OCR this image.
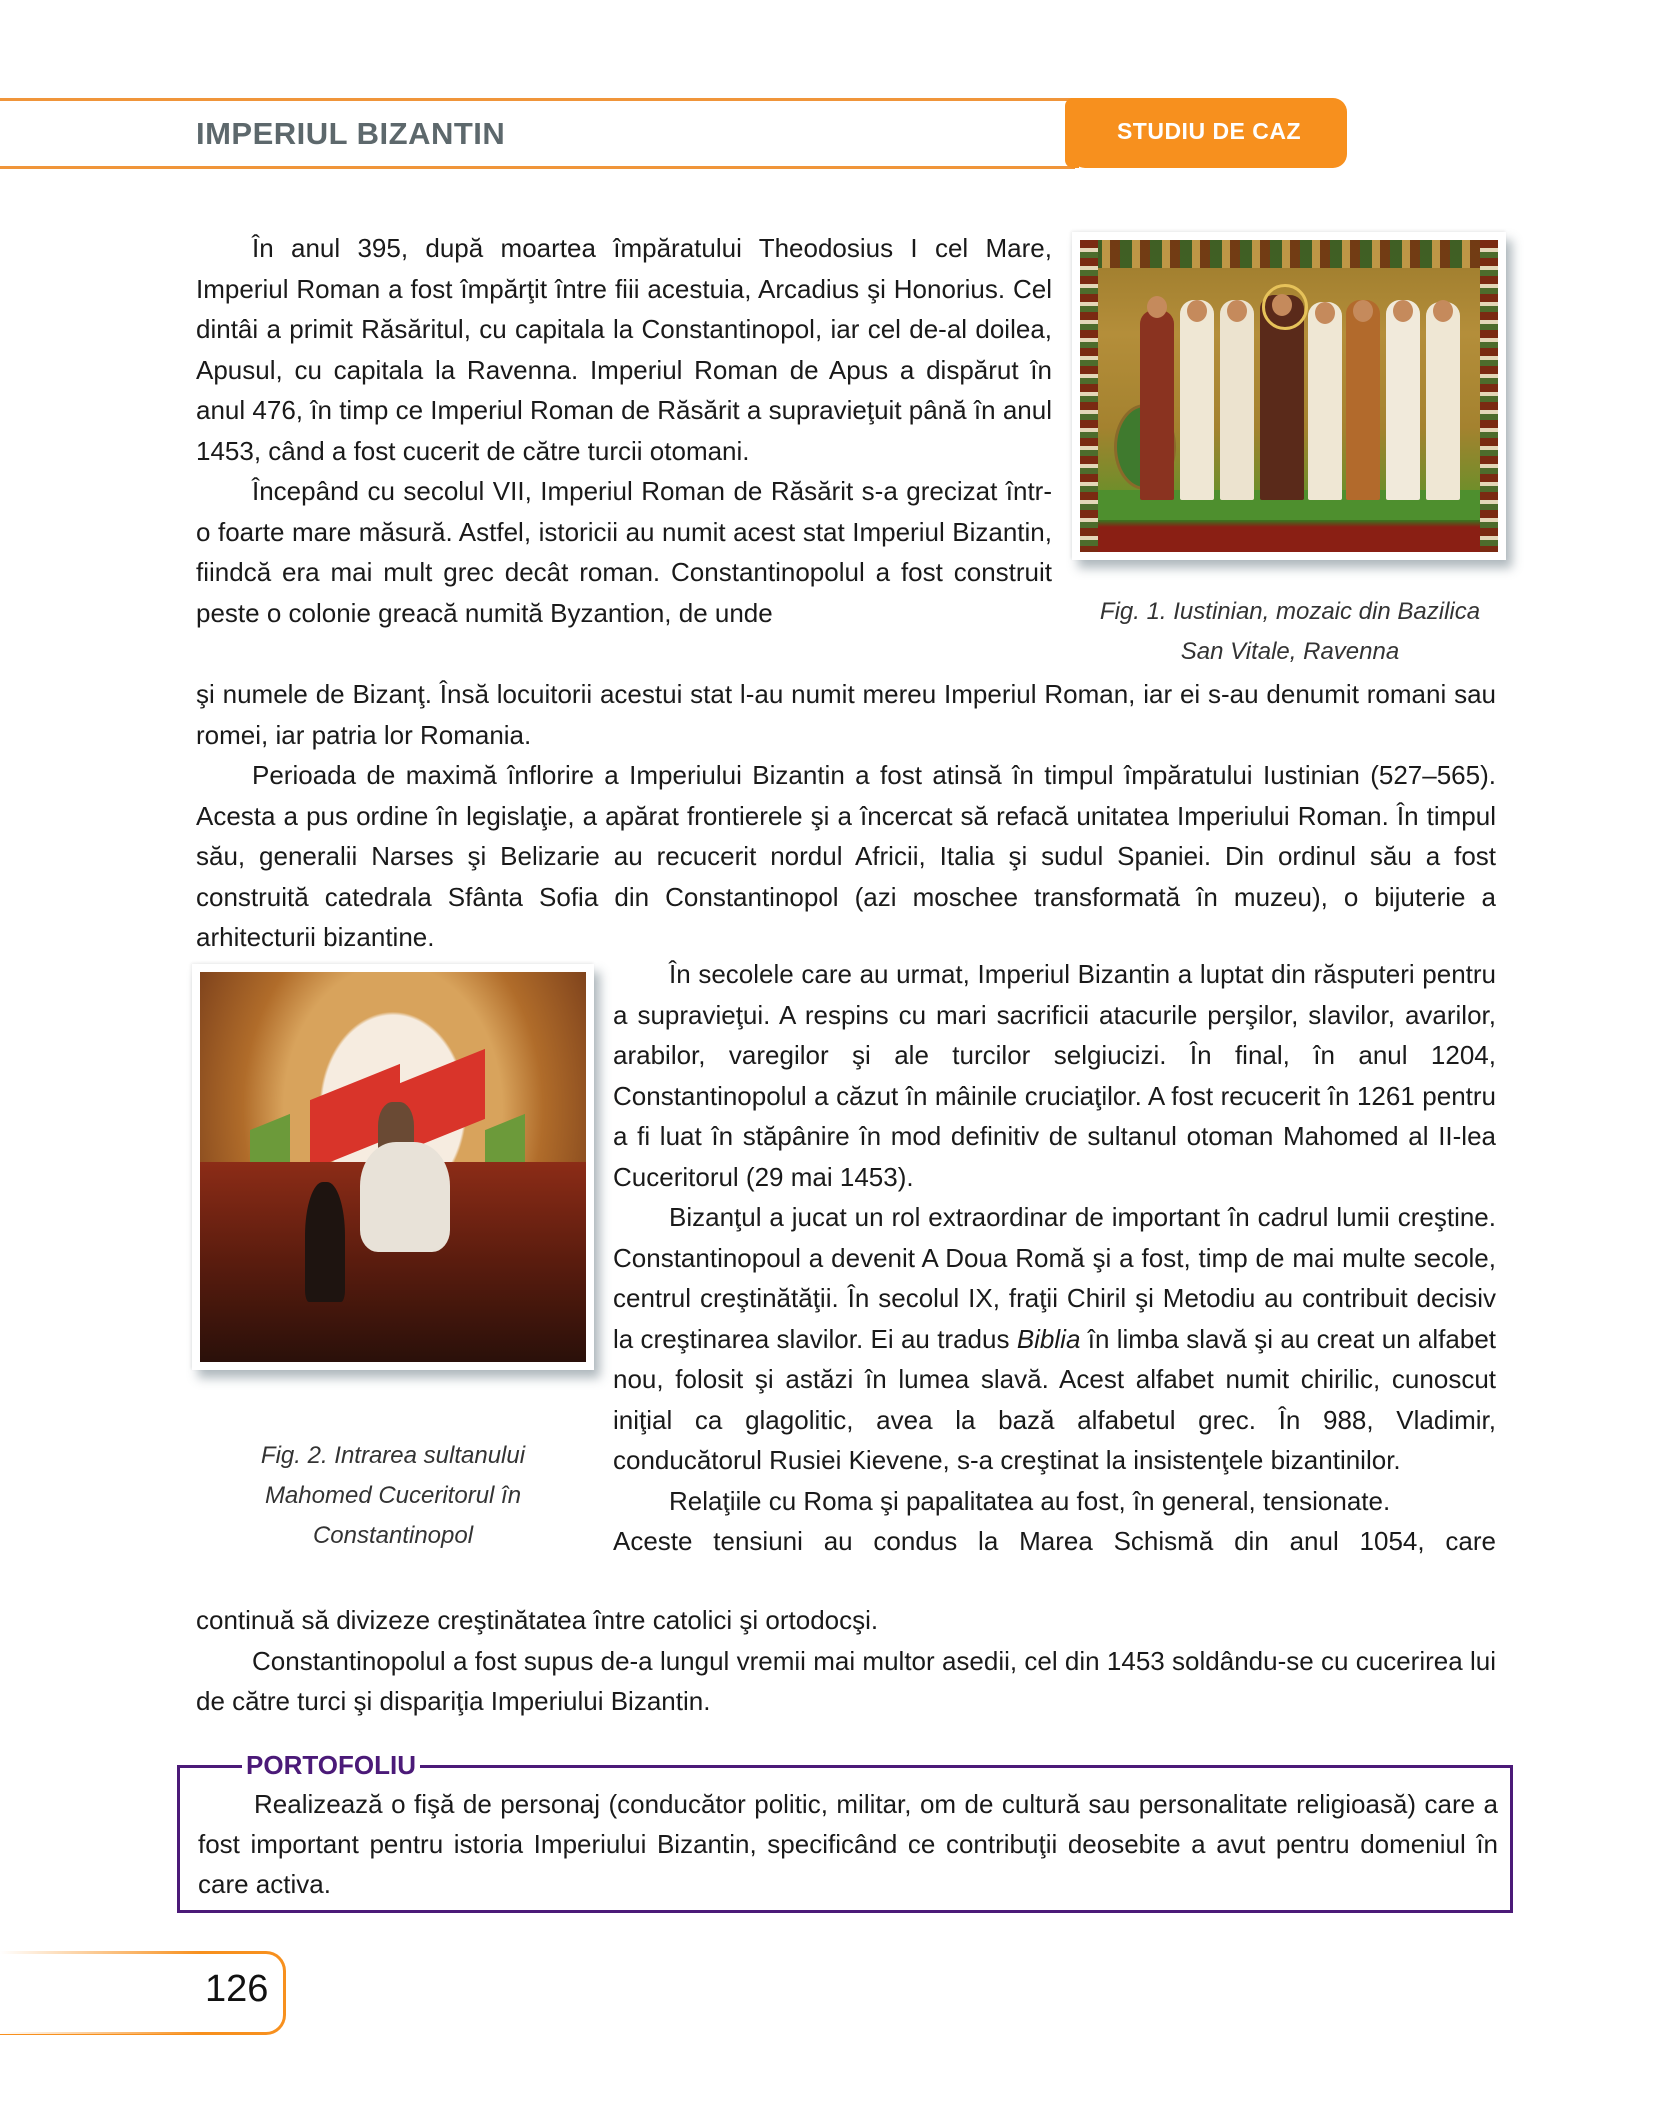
IMPERIUL BIZANTIN	STUDIU DE CAZ

În anul 395, după moartea împăratului Theodosius I cel Mare, Imperiul Roman a fost împărţit între fiii acestuia, Arcadius şi Honorius. Cel dintâi a primit Răsăritul, cu capitala la Constantinopol, iar cel de-al doilea, Apusul, cu capitala la Ravenna. Imperiul Roman de Apus a dispărut în anul 476, în timp ce Imperiul Roman de Răsărit a supravieţuit până în anul 1453, când a fost cucerit de către turcii otomani.

Începând cu secolul VII, Imperiul Roman de Răsărit s-a grecizat într-o foarte mare măsură. Astfel, istoricii au numit acest stat Imperiul Bizantin, fiindcă era mai mult grec decât roman. Constantinopolul a fost construit peste o colonie greacă numită Byzantion, de unde	Fig. 1. Iustinian, mozaic din Bazilica
San Vitale, Ravenna

şi numele de Bizanţ. Însă locuitorii acestui stat l-au numit mereu Imperiul Roman, iar ei s-au denumit romani sau romei, iar patria lor Romania.

Perioada de maximă înflorire a Imperiului Bizantin a fost atinsă în timpul împăratului Iustinian (527–565). Acesta a pus ordine în legislaţie, a apărat frontierele şi a încercat să refacă unitatea Imperiului Roman. În timpul său, generalii Narses şi Belizarie au recucerit nordul Africii, Italia şi sudul Spaniei. Din ordinul său a fost construită catedrala Sfânta Sofia din Constantinopol (azi moschee transformată în muzeu), o bijuterie a arhitecturii bizantine.

Fig. 2. Intrarea sultanului
Mahomed Cuceritorul în
Constantinopol

În secolele care au urmat, Imperiul Bizantin a luptat din răsputeri pentru a supravieţui. A respins cu mari sacrificii atacurile perşilor, slavilor, avarilor, arabilor, varegilor şi ale turcilor selgiucizi. În final, în anul 1204, Constantinopolul a căzut în mâinile cruciaţilor. A fost recucerit în 1261 pentru a fi luat în stăpânire în mod definitiv de sultanul otoman Mahomed al II-lea Cuceritorul (29 mai 1453).

Bizanţul a jucat un rol extraordinar de important în cadrul lumii creştine. Constantinopoul a devenit A Doua Romă şi a fost, timp de mai multe secole, centrul creştinătăţii. În secolul IX, fraţii Chiril şi Metodiu au contribuit decisiv la creştinarea slavilor. Ei au tradus Biblia în limba slavă şi au creat un alfabet nou, folosit şi astăzi în lumea slavă. Acest alfabet numit chirilic, cunoscut iniţial ca glagolitic, avea la bază alfabetul grec. În 988, Vladimir, conducătorul Rusiei Kievene, s-a creştinat la insistenţele bizantinilor.

Relaţiile cu Roma şi papalitatea au fost, în general, tensionate.

Aceste tensiuni au condus la Marea Schismă din anul 1054, care

continuă să divizeze creştinătatea între catolici şi ortodocşi.

Constantinopolul a fost supus de-a lungul vremii mai multor asedii, cel din 1453 soldându-se cu cucerirea lui de către turci şi dispariţia Imperiului Bizantin.

PORTOFOLIU

Realizează o fişă de personaj (conducător politic, militar, om de cultură sau personalitate religioasă) care a fost important pentru istoria Imperiului Bizantin, specificând ce contribuţii deosebite a avut pentru domeniul în care activa.

126
